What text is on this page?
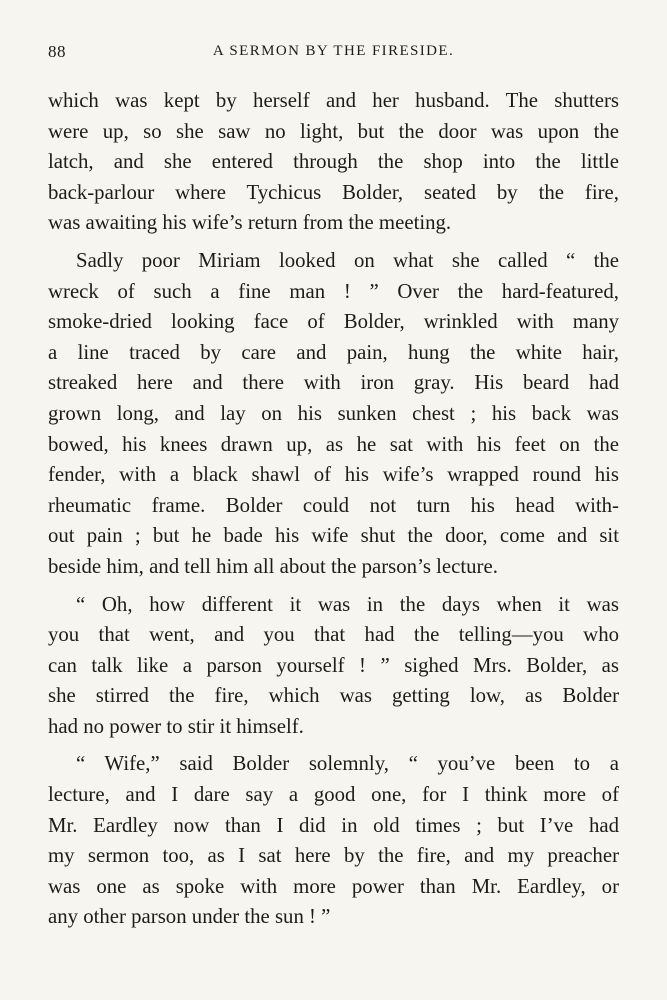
88	A SERMON BY THE FIRESIDE.
which was kept by herself and her husband. The shutters
were up, so she saw no light, but the door was upon the
latch, and she entered through the shop into the little
back-parlour where Tychicus Bolder, seated by the fire,
was awaiting his wife’s return from the meeting.
Sadly poor Miriam looked on what she called “ the
wreck of such a fine man ! ” Over the hard-featured,
smoke-dried looking face of Bolder, wrinkled with many
a line traced by care and pain, hung the white hair,
streaked here and there with iron gray. His beard had
grown long, and lay on his sunken chest ; his back was
bowed, his knees drawn up, as he sat with his feet on the
fender, with a black shawl of his wife’s wrapped round his
rheumatic frame. Bolder could not turn his head with-
out pain ; but he bade his wife shut the door, come and sit
beside him, and tell him all about the parson’s lecture.
“ Oh, how different it was in the days when it was
you that went, and you that had the telling—you who
can talk like a parson yourself ! ” sighed Mrs. Bolder, as
she stirred the fire, which was getting low, as Bolder
had no power to stir it himself.
“ Wife,” said Bolder solemnly, “ you’ve been to a
lecture, and I dare say a good one, for I think more of
Mr. Eardley now than I did in old times ; but I’ve had
my sermon too, as I sat here by the fire, and my preacher
was one as spoke with more power than Mr. Eardley, or
any other parson under the sun ! ”
